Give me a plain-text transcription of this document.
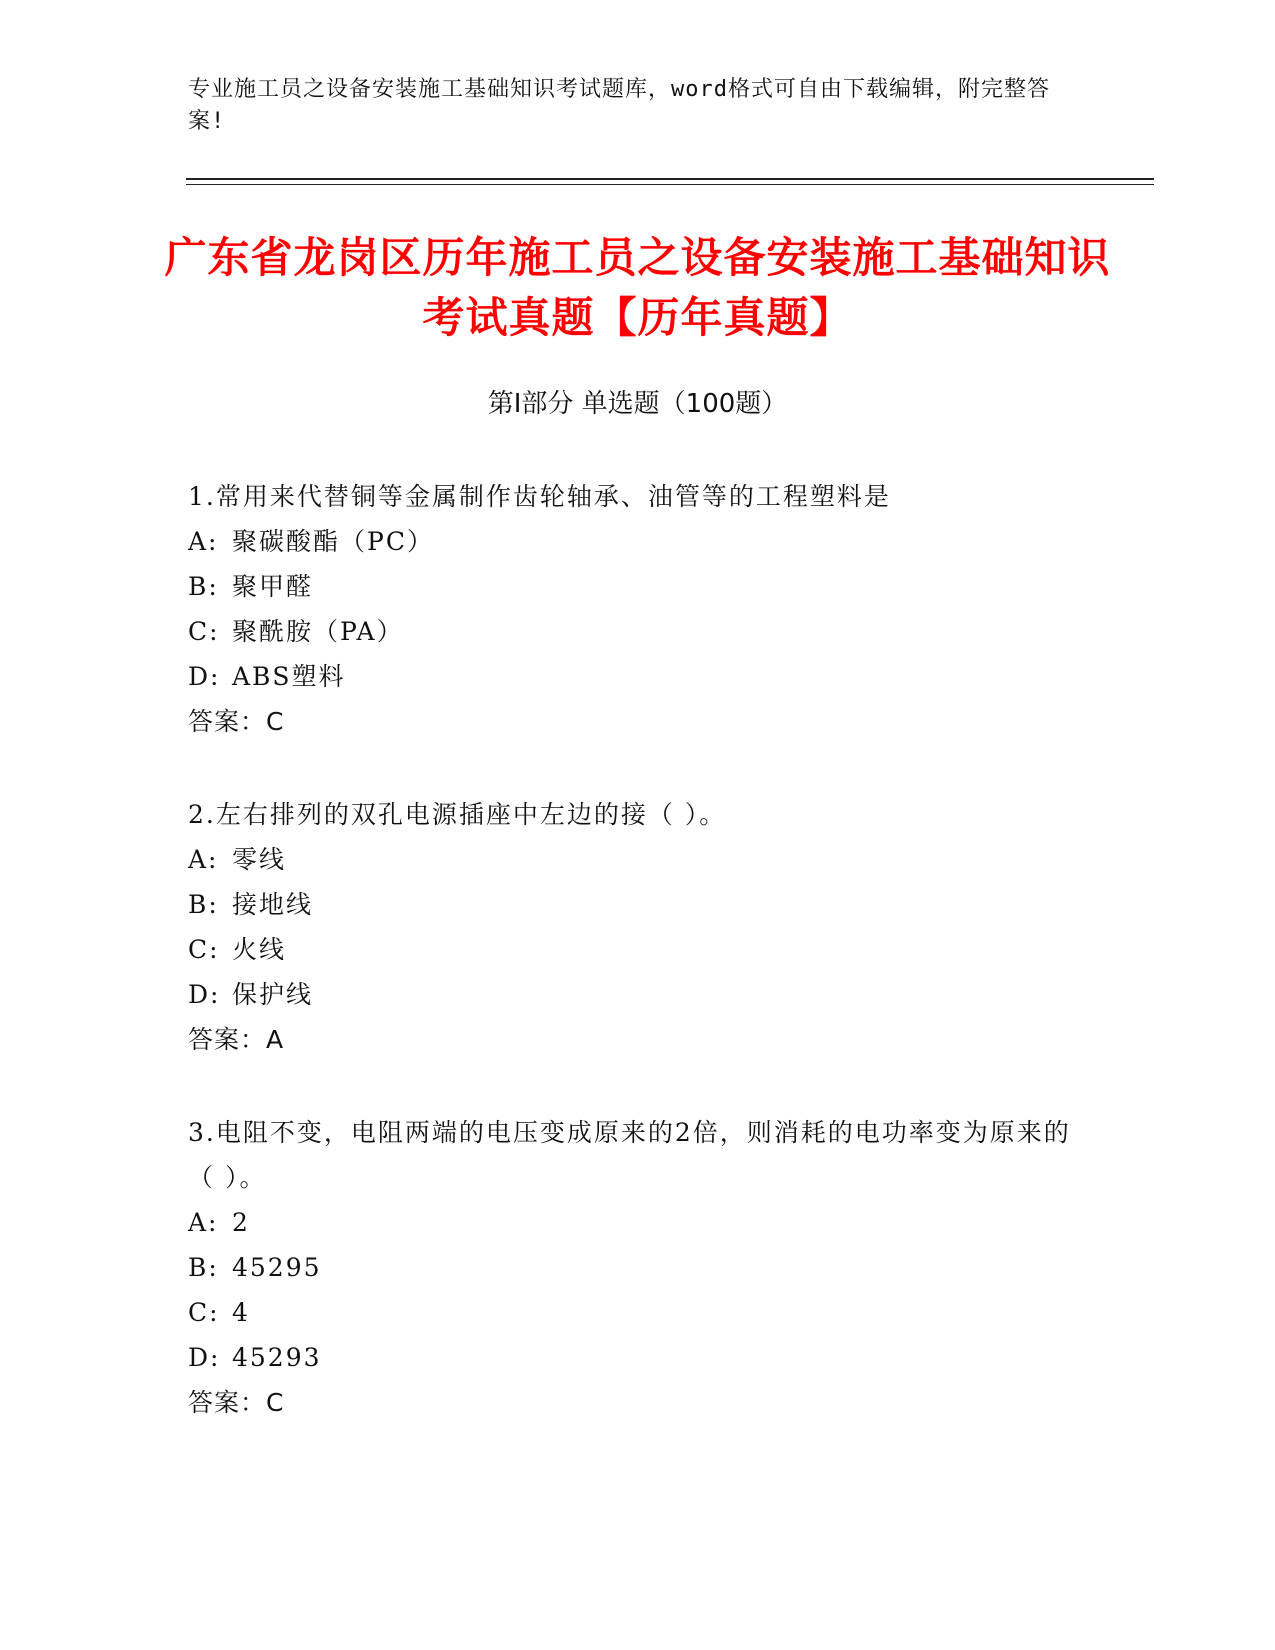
专业施工员之设备安装施工基础知识考试题库，word格式可自由下载编辑，附完整答案!
广东省龙岗区历年施工员之设备安装施工基础知识考试真题【历年真题】
第I部分 单选题（100题）
1.常用来代替铜等金属制作齿轮轴承、油管等的工程塑料是
A: 聚碳酸酯（PC）
B: 聚甲醛
C: 聚酰胺（PA）
D: ABS塑料
答案：C
2.左右排列的双孔电源插座中左边的接（ ）。
A: 零线
B: 接地线
C: 火线
D: 保护线
答案：A
3.电阻不变，电阻两端的电压变成原来的2倍，则消耗的电功率变为原来的（ ）。
A: 2
B: 45295
C: 4
D: 45293
答案：C
